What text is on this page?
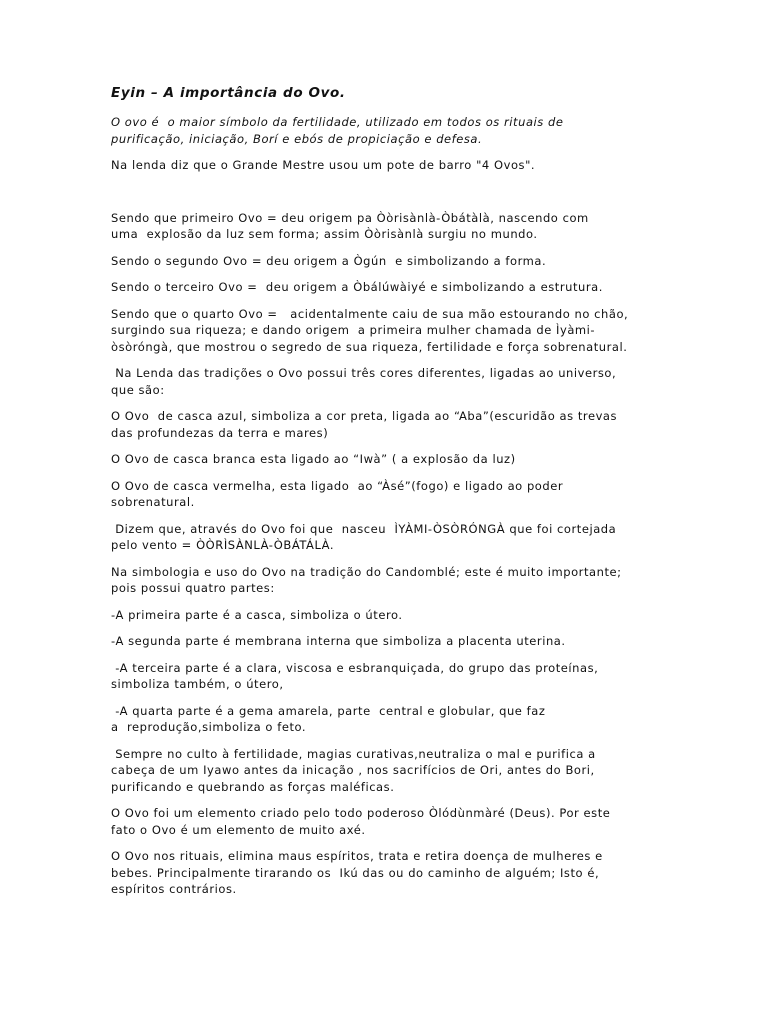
Eyin – A importância do Ovo.

O ovo é  o maior símbolo da fertilidade, utilizado em todos os rituais de
purificação, iniciação, Borí e ebós de propiciação e defesa.

Na lenda diz que o Grande Mestre usou um pote de barro "4 Ovos".

Sendo que primeiro Ovo = deu origem pa Òòrisànlà-Òbátàlà, nascendo com
uma  explosão da luz sem forma; assim Òòrisànlà surgiu no mundo.

Sendo o segundo Ovo = deu origem a Ògún  e simbolizando a forma.

Sendo o terceiro Ovo =  deu origem a Òbálúwàiyé e simbolizando a estrutura.

Sendo que o quarto Ovo =   acidentalmente caiu de sua mão estourando no chão,
surgindo sua riqueza; e dando origem  a primeira mulher chamada de Ìyàmi-
òsòróngà, que mostrou o segredo de sua riqueza, fertilidade e força sobrenatural.

Na Lenda das tradições o Ovo possui três cores diferentes, ligadas ao universo,
que são:

O Ovo  de casca azul, simboliza a cor preta, ligada ao “Aba”(escuridão as trevas
das profundezas da terra e mares)

O Ovo de casca branca esta ligado ao “Iwà” ( a explosão da luz)

O Ovo de casca vermelha, esta ligado  ao “Àsé”(fogo) e ligado ao poder
sobrenatural.

Dizem que, através do Ovo foi que  nasceu  ÌYÀMI-ÒSÒRÓNGÀ que foi cortejada
pelo vento = ÒÒRÌSÀNLÀ-ÒBÁTÁLÀ.

Na simbologia e uso do Ovo na tradição do Candomblé; este é muito importante;
pois possui quatro partes:

-A primeira parte é a casca, simboliza o útero.

-A segunda parte é membrana interna que simboliza a placenta uterina.

-A terceira parte é a clara, viscosa e esbranquiçada, do grupo das proteínas,
simboliza também, o útero,

-A quarta parte é a gema amarela, parte  central e globular, que faz
a  reprodução,simboliza o feto.

Sempre no culto à fertilidade, magias curativas,neutraliza o mal e purifica a
cabeça de um Iyawo antes da inicação , nos sacrifícios de Ori, antes do Bori,
purificando e quebrando as forças maléficas.

O Ovo foi um elemento criado pelo todo poderoso Òlódùnmàré (Deus). Por este
fato o Ovo é um elemento de muito axé.

O Ovo nos rituais, elimina maus espíritos, trata e retira doença de mulheres e
bebes. Principalmente tirarando os  Ikú das ou do caminho de alguém; Isto é,
espíritos contrários.
